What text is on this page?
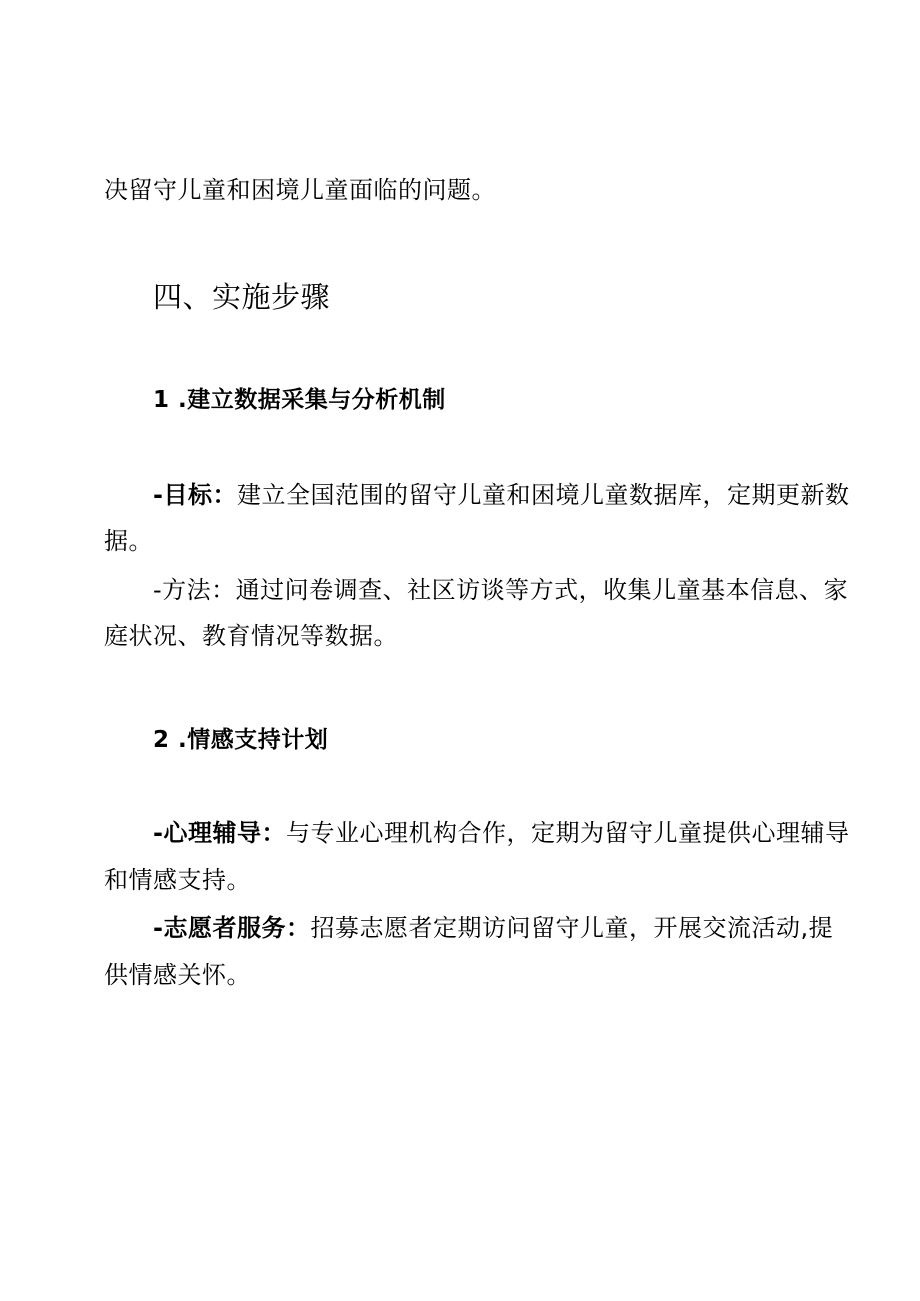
决留守儿童和困境儿童面临的问题。
四、实施步骤
1 .建立数据采集与分析机制
-目标：建立全国范围的留守儿童和困境儿童数据库，定期更新数
据。
-方法：通过问卷调查、社区访谈等方式，收集儿童基本信息、家
庭状况、教育情况等数据。
2 .情感支持计划
-心理辅导：与专业心理机构合作，定期为留守儿童提供心理辅导
和情感支持。
-志愿者服务：招募志愿者定期访问留守儿童，开展交流活动,提
供情感关怀。
